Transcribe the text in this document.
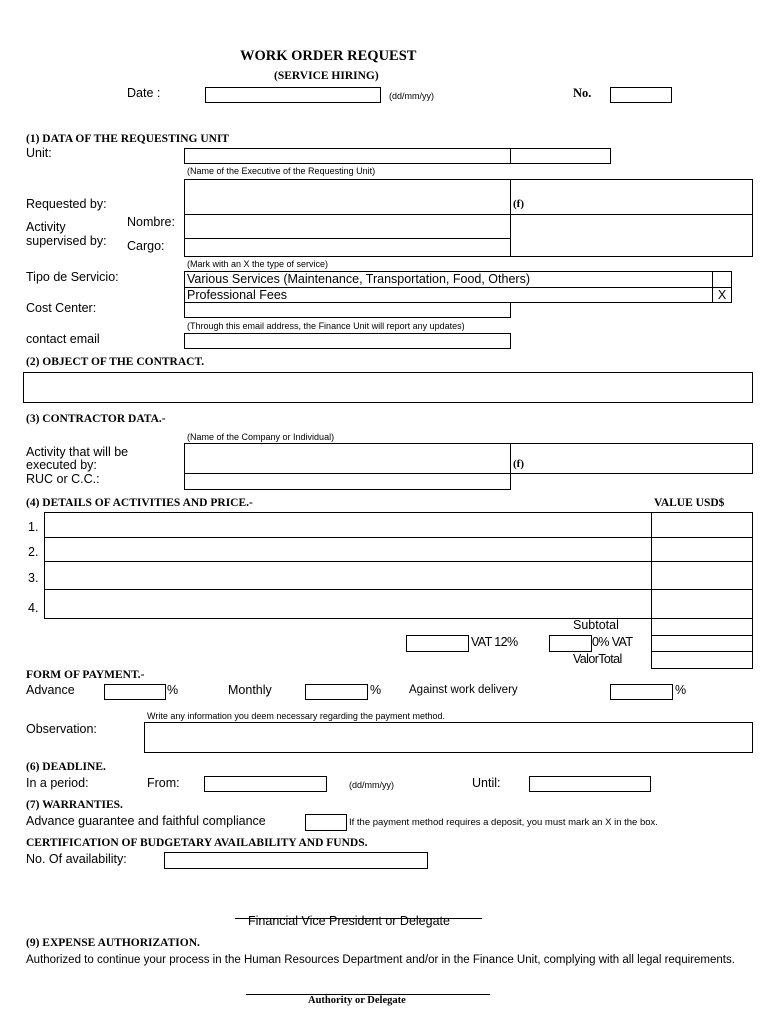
WORK ORDER REQUEST
(SERVICE HIRING)
Date :	(dd/mm/yy)	No.
(1) DATA OF THE REQUESTING UNIT
Unit:
(Name of the Executive of the Requesting Unit)
Requested by:	(f)
Activity
supervised by:
Nombre:
Cargo:
(Mark with an X the type of service)
Tipo de Servicio:	Various Services (Maintenance, Transportation, Food, Others)
Professional Fees	X
Cost Center:
(Through this email address, the Finance Unit will report any updates)
contact email
(2) OBJECT OF THE CONTRACT.
(3) CONTRACTOR DATA.-
(Name of the Company or Individual)
Activity that will be
executed by:
RUC or C.C.:
(f)
(4) DETAILS OF ACTIVITIES AND PRICE.-	VALUE USD$
1.
2.
3.
4.
Subtotal
VAT 12%	0% VAT
ValorTotal
FORM OF PAYMENT.-
Advance	%	Monthly	% Against work delivery	%
Write any information you deem necessary regarding the payment method.
Observation:
(6) DEADLINE.
In a period:	From:	(dd/mm/yy)	Until:
(7) WARRANTIES.
Advance guarantee and faithful compliance	If the payment method requires a deposit, you must mark an X in the box.
CERTIFICATION OF BUDGETARY AVAILABILITY AND FUNDS.
No. Of availability:
Financial Vice President or Delegate
(9) EXPENSE AUTHORIZATION.
Authorized to continue your process in the Human Resources Department and/or in the Finance Unit, complying with all legal requirements.
Authority or Delegate
